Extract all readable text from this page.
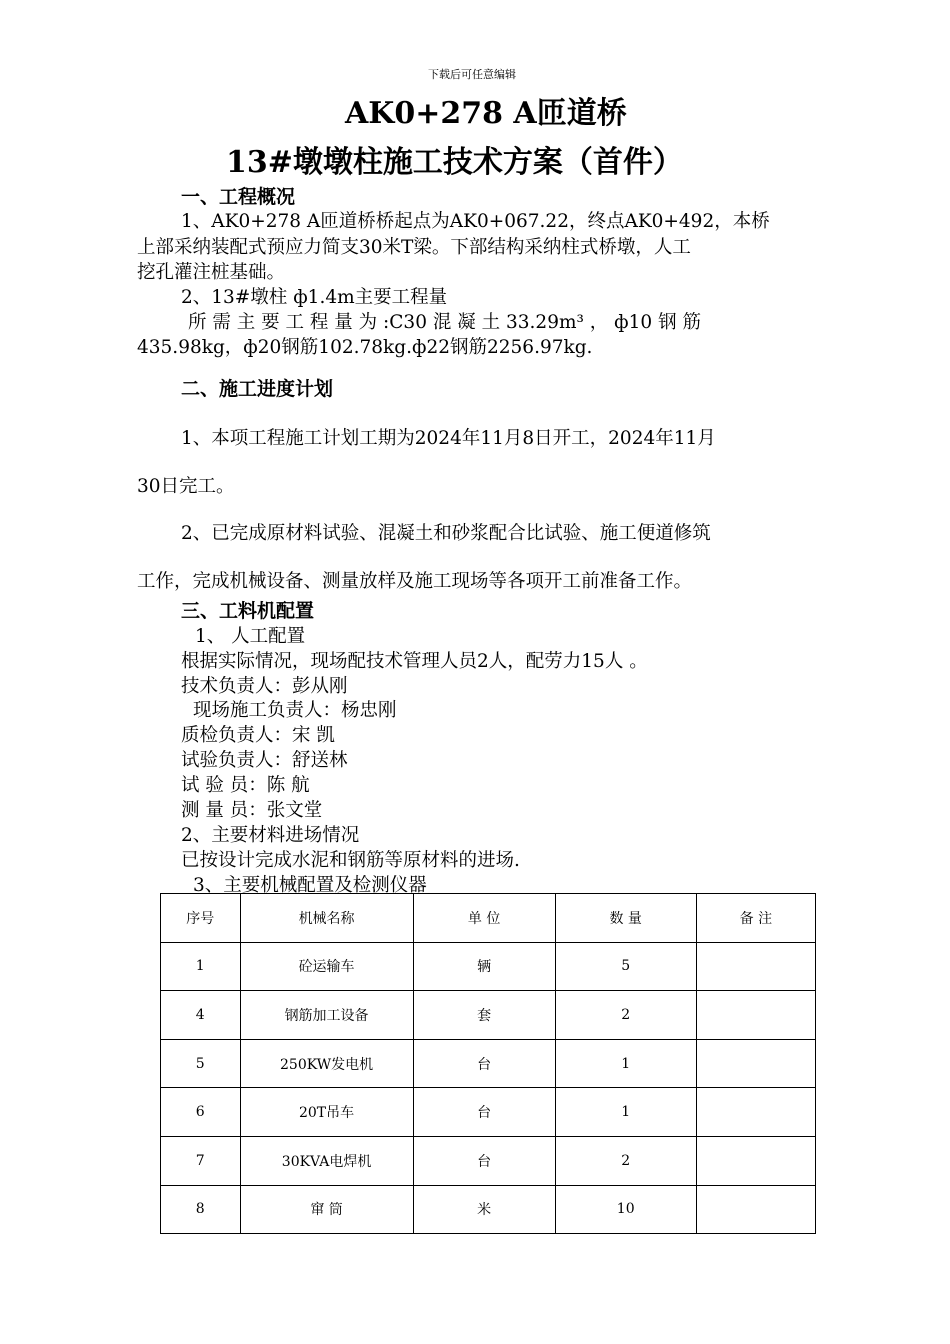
下载后可任意编辑
AK0+278 A匝道桥
13#墩墩柱施工技术方案（首件）
一、工程概况
1、AK0+278 A匝道桥桥起点为AK0+067.22，终点AK0+492，本桥
上部采纳装配式预应力简支30米T梁。下部结构采纳柱式桥墩，人工
挖孔灌注桩基础。
2、13#墩柱 ф1.4m主要工程量
所 需 主 要 工 程 量 为 :C30 混 凝 土 33.29m³ ， ф10 钢 筋
435.98kg，ф20钢筋102.78kg.ф22钢筋2256.97kg.
二、施工进度计划
1、本项工程施工计划工期为2024年11月8日开工，2024年11月
30日完工。
2、已完成原材料试验、混凝土和砂浆配合比试验、施工便道修筑
工作，完成机械设备、测量放样及施工现场等各项开工前准备工作。
三、工料机配置
1、 人工配置
根据实际情况，现场配技术管理人员2人，配劳力15人 。
技术负责人：彭从刚
现场施工负责人：杨忠刚
质检负责人：宋 凯
试验负责人：舒送林
试 验 员：陈 航
测 量 员：张文堂
2、主要材料进场情况
已按设计完成水泥和钢筋等原材料的进场.
3、主要机械配置及检测仪器
序号	机械名称	单 位	数 量	备 注
1	砼运输车	辆	5	
4	钢筋加工设备	套	2	
5	250KW发电机	台	1	
6	20T吊车	台	1	
7	30KVA电焊机	台	2	
8	窜 筒	米	10	
